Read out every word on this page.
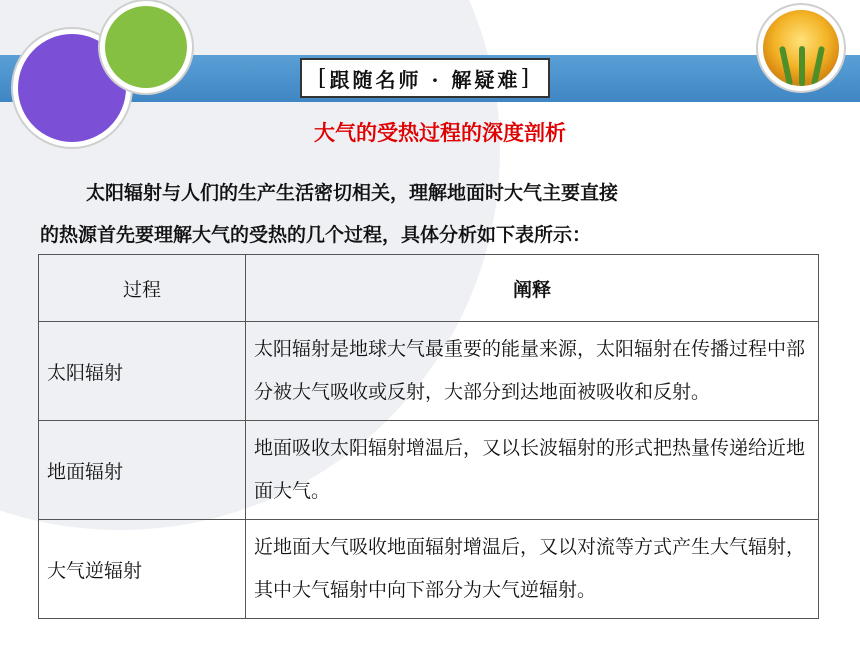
[ 跟随名师 · 解疑难 ]
大气的受热过程的深度剖析
太阳辐射与人们的生产生活密切相关，理解地面时大气主要直接
的热源首先要理解大气的受热的几个过程，具体分析如下表所示：
过程	阐释
太阳辐射	太阳辐射是地球大气最重要的能量来源，太阳辐射在传播过程中部分被大气吸收或反射，大部分到达地面被吸收和反射。
地面辐射	地面吸收太阳辐射增温后，又以长波辐射的形式把热量传递给近地面大气。
大气逆辐射	近地面大气吸收地面辐射增温后，又以对流等方式产生大气辐射，其中大气辐射中向下部分为大气逆辐射。
